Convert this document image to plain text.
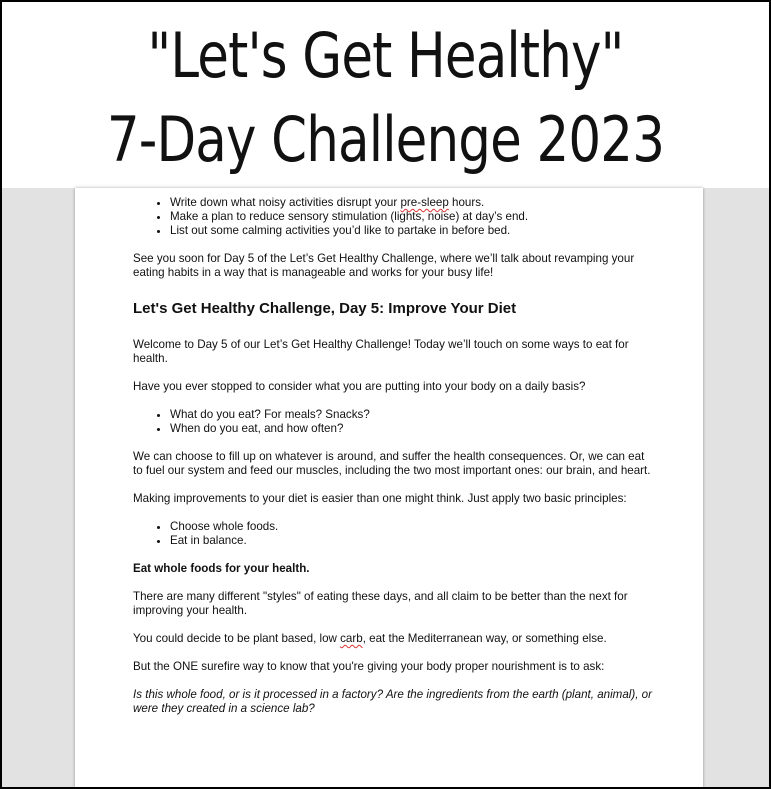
"Let's Get Healthy"
7-Day Challenge 2023
• Write down what noisy activities disrupt your pre-sleep hours.
• Make a plan to reduce sensory stimulation (lights, noise) at day’s end.
• List out some calming activities you’d like to partake in before bed.

See you soon for Day 5 of the Let’s Get Healthy Challenge, where we’ll talk about revamping your eating habits in a way that is manageable and works for your busy life!

Let's Get Healthy Challenge, Day 5: Improve Your Diet

Welcome to Day 5 of our Let’s Get Healthy Challenge! Today we’ll touch on some ways to eat for health.

Have you ever stopped to consider what you are putting into your body on a daily basis?

• What do you eat? For meals? Snacks?
• When do you eat, and how often?

We can choose to fill up on whatever is around, and suffer the health consequences. Or, we can eat to fuel our system and feed our muscles, including the two most important ones: our brain, and heart.

Making improvements to your diet is easier than one might think. Just apply two basic principles:

• Choose whole foods.
• Eat in balance.

Eat whole foods for your health.

There are many different "styles" of eating these days, and all claim to be better than the next for improving your health.

You could decide to be plant based, low carb, eat the Mediterranean way, or something else.

But the ONE surefire way to know that you're giving your body proper nourishment is to ask:

Is this whole food, or is it processed in a factory? Are the ingredients from the earth (plant, animal), or were they created in a science lab?
